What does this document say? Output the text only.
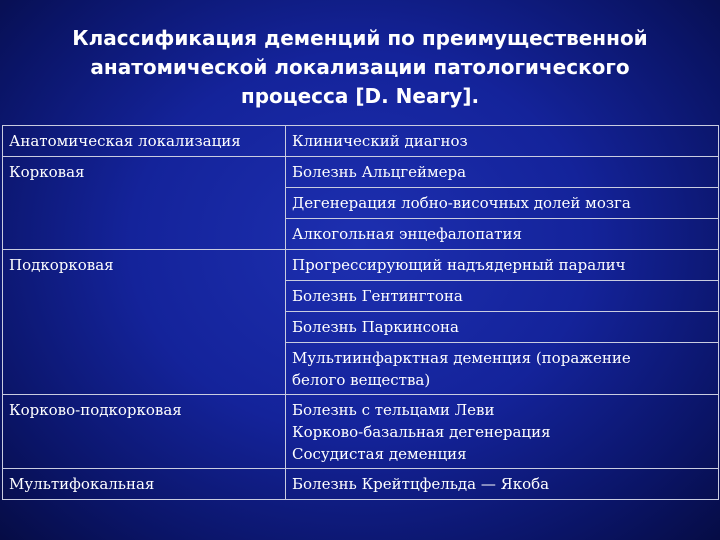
Классификация деменций по преимущественной
анатомической локализации патологического
процесса [D. Neary].
Анатомическая локализация	Клинический диагноз
Корковая	Болезнь Альцгеймера
	Дегенерация лобно-височных долей мозга
	Алкогольная энцефалопатия
Подкорковая	Прогрессирующий надъядерный паралич
	Болезнь Гентингтона
	Болезнь Паркинсона

	Мультиинфарктная деменция (поражение
белого вещества)

Корково-подкорковая	Болезнь с тельцами Леви
Корково-базальная дегенерация
Сосудистая деменция

Мультифокальная	Болезнь Крейтцфельда — Якоба
